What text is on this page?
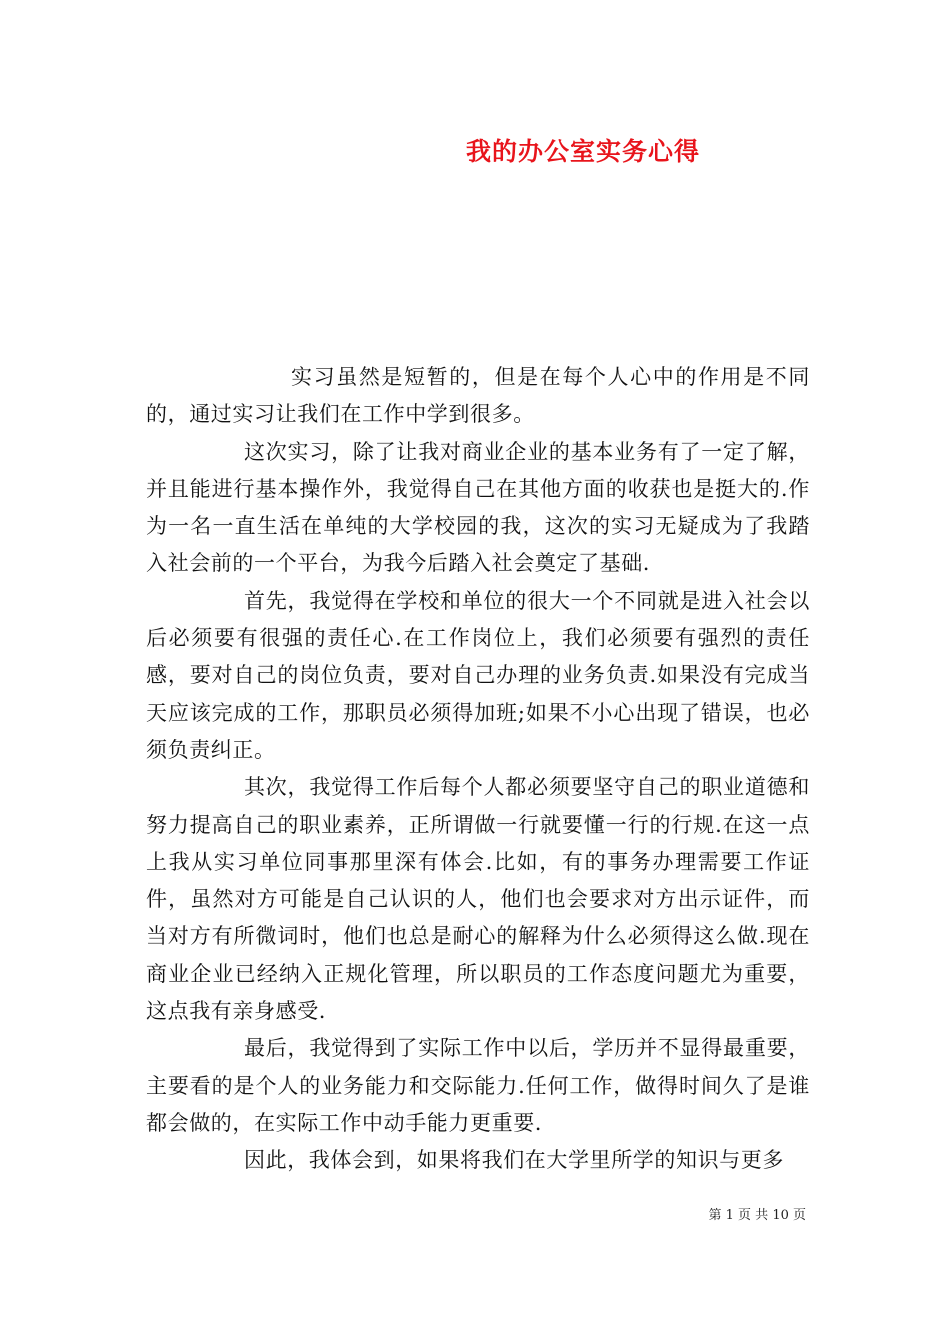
我的办公室实务心得

实习虽然是短暂的，但是在每个人心中的作用是不同的，通过实习让我们在工作中学到很多。

这次实习，除了让我对商业企业的基本业务有了一定了解，并且能进行基本操作外，我觉得自己在其他方面的收获也是挺大的.作为一名一直生活在单纯的大学校园的我，这次的实习无疑成为了我踏入社会前的一个平台，为我今后踏入社会奠定了基础.

首先，我觉得在学校和单位的很大一个不同就是进入社会以后必须要有很强的责任心.在工作岗位上，我们必须要有强烈的责任感，要对自己的岗位负责，要对自己办理的业务负责.如果没有完成当天应该完成的工作，那职员必须得加班;如果不小心出现了错误，也必须负责纠正。

其次，我觉得工作后每个人都必须要坚守自己的职业道德和努力提高自己的职业素养，正所谓做一行就要懂一行的行规.在这一点上我从实习单位同事那里深有体会.比如，有的事务办理需要工作证件，虽然对方可能是自己认识的人，他们也会要求对方出示证件，而当对方有所微词时，他们也总是耐心的解释为什么必须得这么做.现在商业企业已经纳入正规化管理，所以职员的工作态度问题尤为重要，这点我有亲身感受.

最后，我觉得到了实际工作中以后，学历并不显得最重要，主要看的是个人的业务能力和交际能力.任何工作，做得时间久了是谁都会做的，在实际工作中动手能力更重要.

因此，我体会到，如果将我们在大学里所学的知识与更多

第 1 页 共 10 页
